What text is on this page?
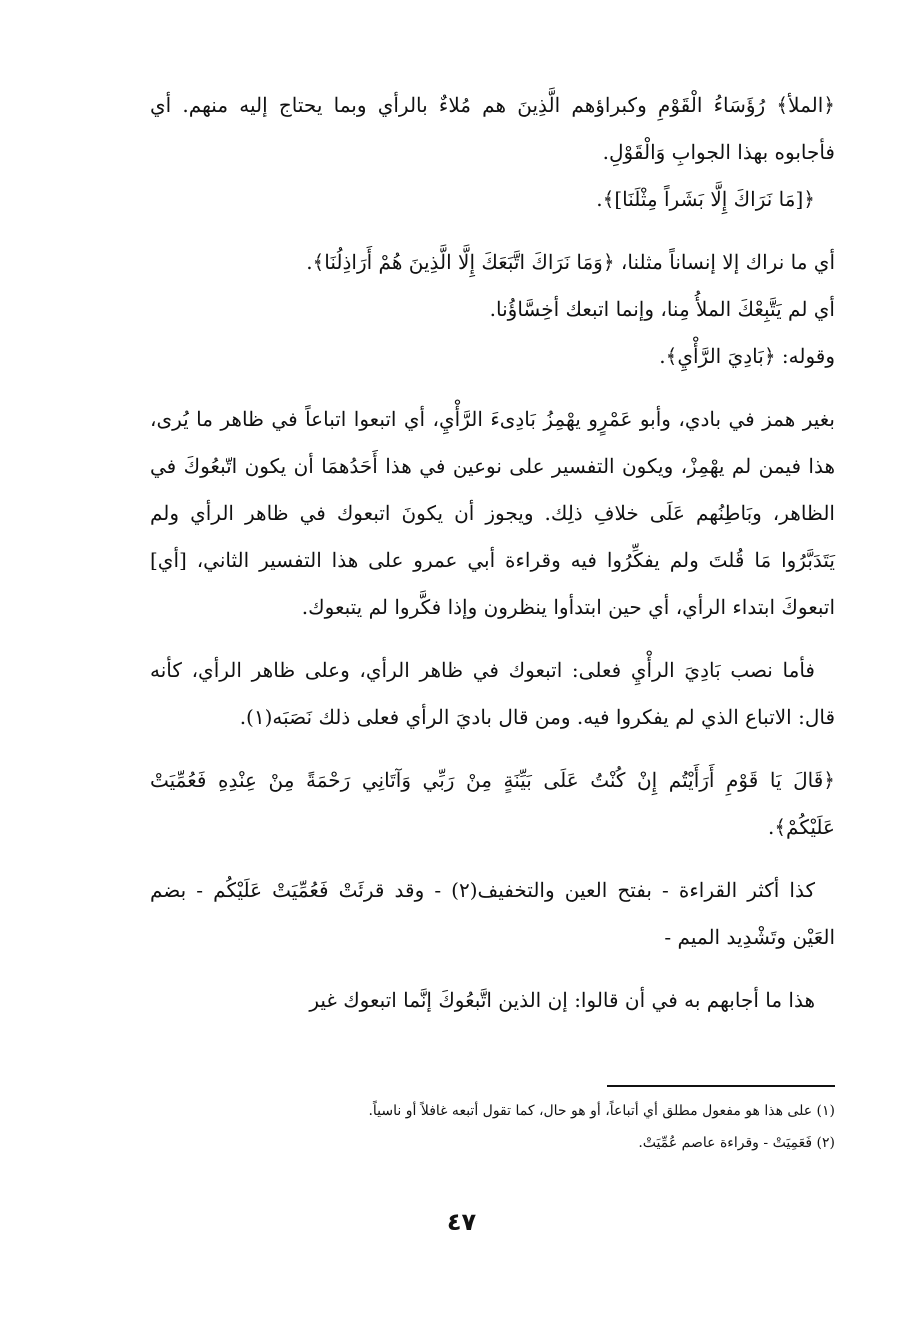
﴿الملأ﴾ رُؤَسَاءُ الْقَوْمِ وكبراؤهم الَّذِينَ هم مُلاءٌ بالرأي وبما يحتاج إليه منهم. أي فأجابوه بهذا الجوابِ وَالْقَوْلِ.

﴿[مَا نَرَاكَ إِلَّا بَشَراً مِثْلَنَا]﴾.

أي ما نراك إلا إنساناً مثلنا، ﴿وَمَا نَرَاكَ اتَّبَعَكَ إِلَّا الَّذِينَ هُمْ أَرَاذِلُنَا﴾.

أي لم يَتَّبِعْكَ الملأُ مِنا، وإنما اتبعك أخِسَّاؤُنا.

وقوله: ﴿بَادِيَ الرَّأْيِ﴾.

بغير همز في بادي، وأبو عَمْرٍو يهْمِزُ بَادِىءَ الرَّأْيِ، أي اتبعوا اتباعاً في ظاهر ما يُرى، هذا فيمن لم يهْمِزْ، ويكون التفسير على نوعين في هذا أَحَدُهمَا أن يكون اتّبعُوكَ في الظاهر، وبَاطِنُهم عَلَى خلافِ ذلِك. ويجوز أن يكونَ اتبعوك في ظاهر الرأي ولم يَتَدَبَّرُوا مَا قُلتَ ولم يفكِّرُوا فيه وقراءة أبي عمرو على هذا التفسير الثاني، [أي] اتبعوكَ ابتداء الرأي، أي حين ابتدأوا ينظرون وإذا فكَّروا لم يتبعوك.

فأما نصب بَادِيَ الرأْيِ فعلى: اتبعوك في ظاهر الرأي، وعلى ظاهر الرأي، كأنه قال: الاتباع الذي لم يفكروا فيه. ومن قال باديَ الرأي فعلى ذلك نَصَبَه(١).

﴿قَالَ يَا قَوْمِ أَرَأَيْتُم إِنْ كُنْتُ عَلَى بَيِّنَةٍ مِنْ رَبِّي وَآتَانِي رَحْمَةً مِنْ عِنْدِهِ فَعُمِّيَتْ عَلَيْكُمْ﴾.

كذا أكثر القراءة - بفتح العين والتخفيف(٢) - وقد قرئَتْ فَعُمِّيَتْ عَلَيْكُم - بضم العَيْن وتَشْدِيد الميم -

هذا ما أجابهم به في أن قالوا: إن الذين اتَّبعُوكَ إنَّما اتبعوك غير

(١) على هذا هو مفعول مطلق أي أتباعاً، أو هو حال، كما تقول أتبعه غافلاً أو ناسياً.
(٢) فَعَمِيَتْ - وقراءة عاصم عُمِّيَتْ.
٤٧
